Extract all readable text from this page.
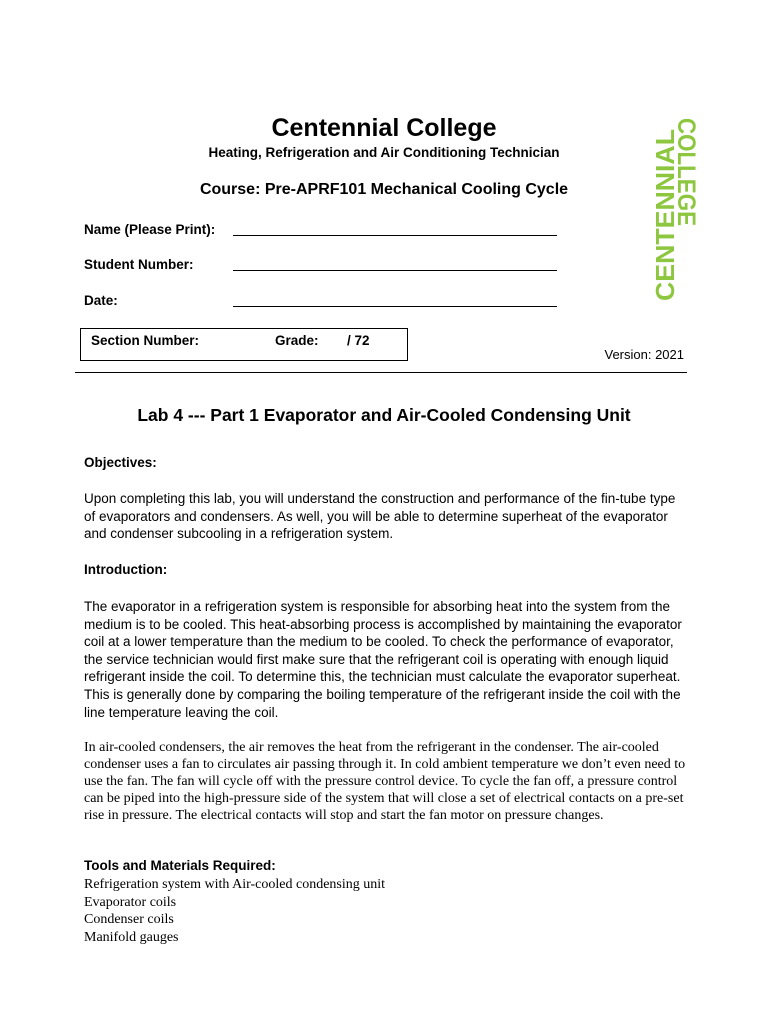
Centennial College
Heating, Refrigeration and Air Conditioning Technician
Course: Pre-APRF101 Mechanical Cooling Cycle	CENTENNIAL
COLLEGE
Name (Please Print):
Student Number:
Date:
Section Number:	Grade: / 72
Version: 2021
Lab 4 --- Part 1 Evaporator and Air-Cooled Condensing Unit
Objectives:
Upon completing this lab, you will understand the construction and performance of the fin-tube type of evaporators and condensers. As well, you will be able to determine superheat of the evaporator and condenser subcooling in a refrigeration system.
Introduction:
The evaporator in a refrigeration system is responsible for absorbing heat into the system from the medium is to be cooled. This heat-absorbing process is accomplished by maintaining the evaporator coil at a lower temperature than the medium to be cooled. To check the performance of evaporator, the service technician would first make sure that the refrigerant coil is operating with enough liquid refrigerant inside the coil. To determine this, the technician must calculate the evaporator superheat. This is generally done by comparing the boiling temperature of the refrigerant inside the coil with the line temperature leaving the coil.
In air-cooled condensers, the air removes the heat from the refrigerant in the condenser. The air-cooled condenser uses a fan to circulates air passing through it. In cold ambient temperature we don’t even need to use the fan. The fan will cycle off with the pressure control device. To cycle the fan off, a pressure control can be piped into the high-pressure side of the system that will close a set of electrical contacts on a pre-set rise in pressure. The electrical contacts will stop and start the fan motor on pressure changes.
Tools and Materials Required:
Refrigeration system with Air-cooled condensing unit
Evaporator coils
Condenser coils
Manifold gauges
